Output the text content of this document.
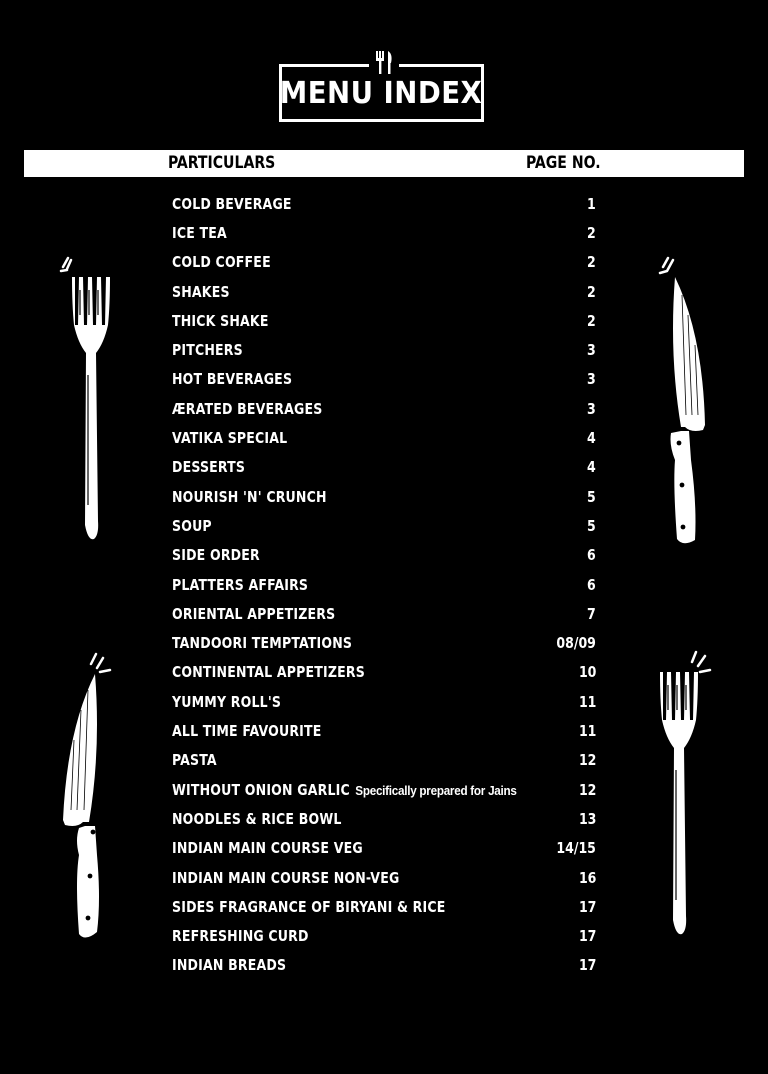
MENU INDEX
PARTICULARS	PAGE NO.
COLD BEVERAGE	1
ICE TEA	2
COLD COFFEE	2
SHAKES	2
THICK SHAKE	2
PITCHERS	3
HOT BEVERAGES	3
ÆRATED BEVERAGES	3
VATIKA SPECIAL	4
DESSERTS	4
NOURISH 'N' CRUNCH	5
SOUP	5
SIDE ORDER	6
PLATTERS AFFAIRS	6
ORIENTAL APPETIZERS	7
TANDOORI TEMPTATIONS	08/09
CONTINENTAL APPETIZERS	10
YUMMY ROLL'S	11
ALL TIME FAVOURITE	11
PASTA	12
WITHOUT ONION GARLIC Specifically prepared for Jains	12
NOODLES & RICE BOWL	13
INDIAN MAIN COURSE VEG	14/15
INDIAN MAIN COURSE NON-VEG	16
SIDES FRAGRANCE OF BIRYANI & RICE	17
REFRESHING CURD	17
INDIAN BREADS	17
